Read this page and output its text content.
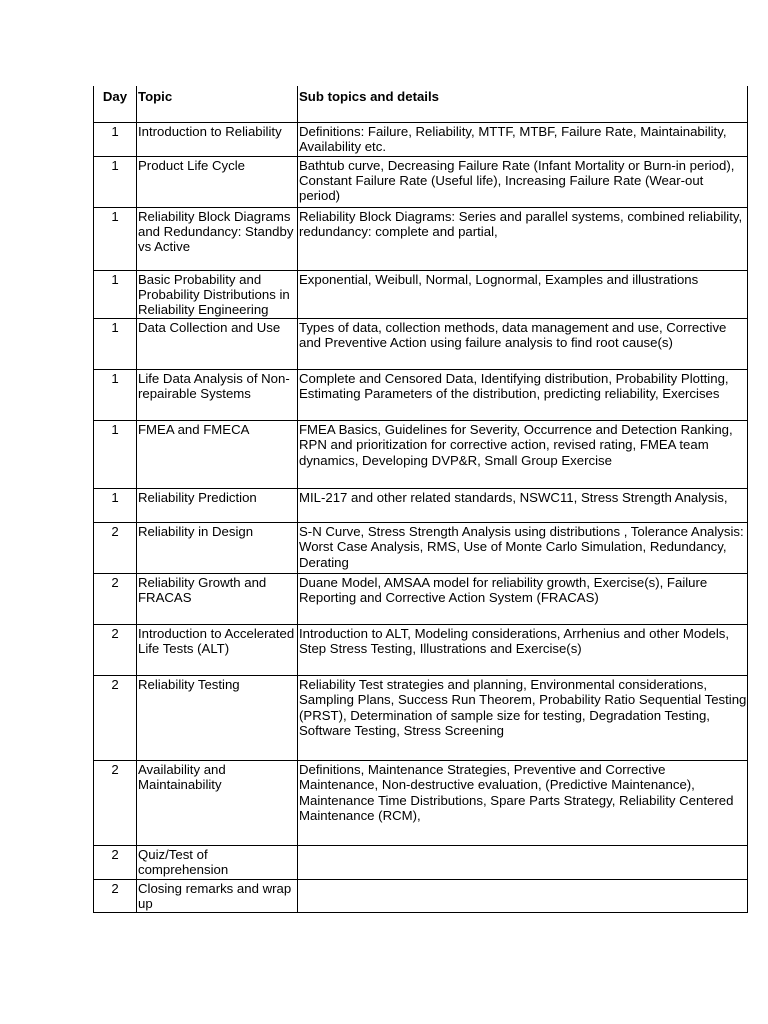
Day	Topic	Sub topics and details
1	Introduction to Reliability	Definitions: Failure, Reliability, MTTF, MTBF, Failure Rate, Maintainability, Availability etc.
1	Product Life Cycle	Bathtub curve, Decreasing Failure Rate (Infant Mortality or Burn-in period), Constant Failure Rate (Useful life), Increasing Failure Rate (Wear-out period)
1	Reliability Block Diagrams and Redundancy: Standby vs Active	Reliability Block Diagrams: Series and parallel systems, combined reliability, redundancy: complete and partial,
1	Basic Probability and Probability Distributions in Reliability Engineering	Exponential, Weibull, Normal, Lognormal, Examples and illustrations
1	Data Collection and Use	Types of data, collection methods, data management and use, Corrective and Preventive Action using failure analysis to find root cause(s)
1	Life Data Analysis of Non-repairable Systems	Complete and Censored Data, Identifying distribution, Probability Plotting, Estimating Parameters of the distribution, predicting reliability, Exercises
1	FMEA and FMECA	FMEA Basics, Guidelines for Severity, Occurrence and Detection Ranking, RPN and prioritization for corrective action, revised rating, FMEA team dynamics, Developing DVP&R, Small Group Exercise
1	Reliability Prediction	MIL-217 and other related standards, NSWC11, Stress Strength Analysis,
2	Reliability in Design	S-N Curve, Stress Strength Analysis using distributions , Tolerance Analysis: Worst Case Analysis, RMS, Use of Monte Carlo Simulation, Redundancy, Derating
2	Reliability Growth and FRACAS	Duane Model, AMSAA model for reliability growth, Exercise(s), Failure Reporting and Corrective Action System (FRACAS)
2	Introduction to Accelerated Life Tests (ALT)	Introduction to ALT, Modeling considerations, Arrhenius and other Models, Step Stress Testing, Illustrations and Exercise(s)
2	Reliability Testing	Reliability Test strategies and planning, Environmental considerations, Sampling Plans, Success Run Theorem, Probability Ratio Sequential Testing (PRST), Determination of sample size for testing, Degradation Testing, Software Testing, Stress Screening
2	Availability and Maintainability	Definitions, Maintenance Strategies, Preventive and Corrective Maintenance, Non-destructive evaluation, (Predictive Maintenance), Maintenance Time Distributions, Spare Parts Strategy, Reliability Centered Maintenance (RCM),
2	Quiz/Test of comprehension	
2	Closing remarks and wrap up	
